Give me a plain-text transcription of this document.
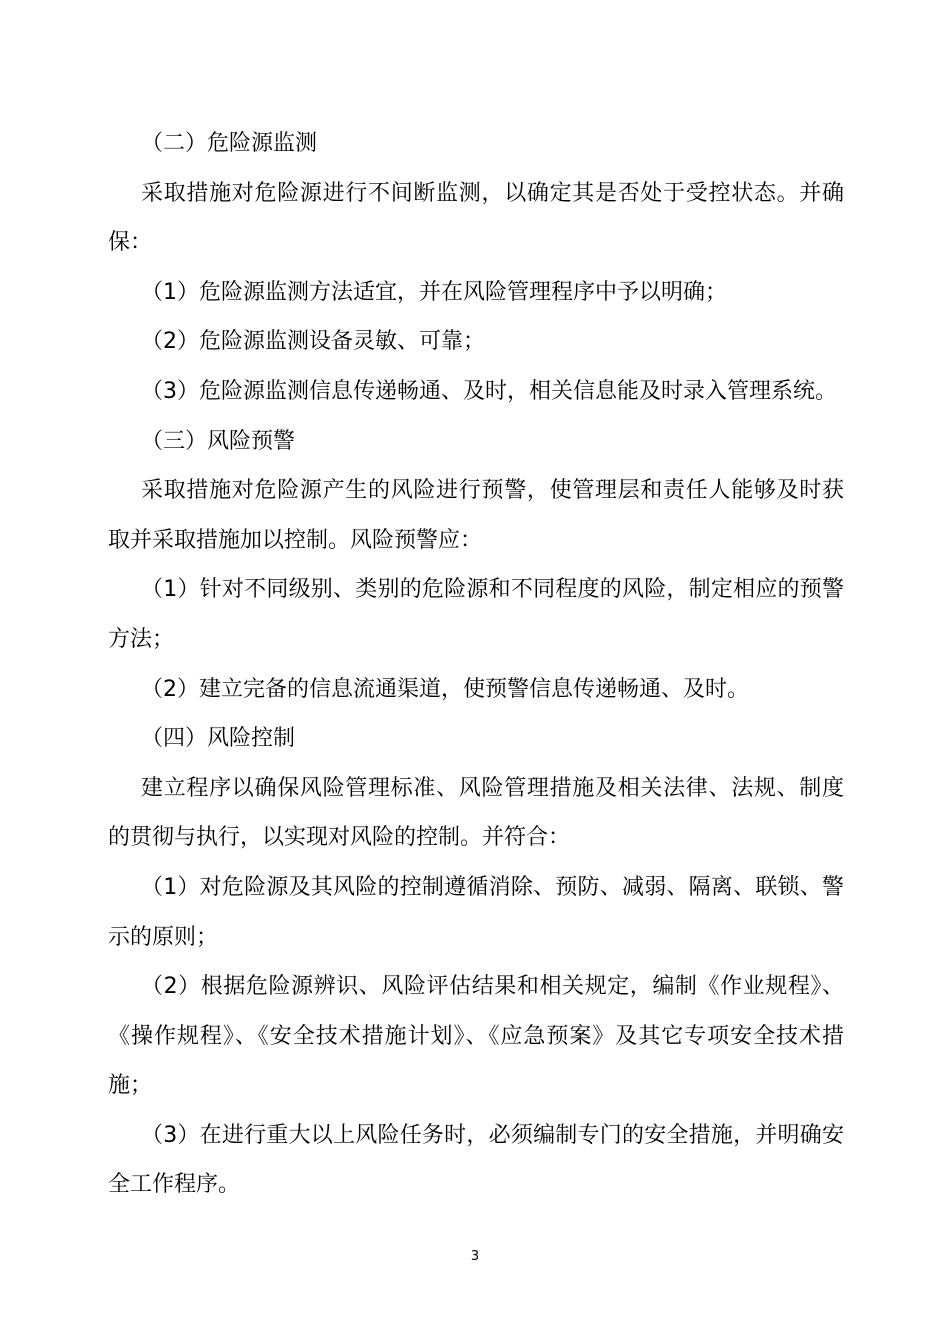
（二）危险源监测

采取措施对危险源进行不间断监测，以确定其是否处于受控状态。并确保：

（1）危险源监测方法适宜，并在风险管理程序中予以明确；

（2）危险源监测设备灵敏、可靠；

（3）危险源监测信息传递畅通、及时，相关信息能及时录入管理系统。

（三）风险预警

采取措施对危险源产生的风险进行预警，使管理层和责任人能够及时获取并采取措施加以控制。风险预警应：

（1）针对不同级别、类别的危险源和不同程度的风险，制定相应的预警方法；

（2）建立完备的信息流通渠道，使预警信息传递畅通、及时。

（四）风险控制

建立程序以确保风险管理标准、风险管理措施及相关法律、法规、制度的贯彻与执行，以实现对风险的控制。并符合：

（1）对危险源及其风险的控制遵循消除、预防、减弱、隔离、联锁、警示的原则；

（2）根据危险源辨识、风险评估结果和相关规定，编制《作业规程》、《操作规程》、《安全技术措施计划》、《应急预案》及其它专项安全技术措施；

（3）在进行重大以上风险任务时，必须编制专门的安全措施，并明确安全工作程序。

3
